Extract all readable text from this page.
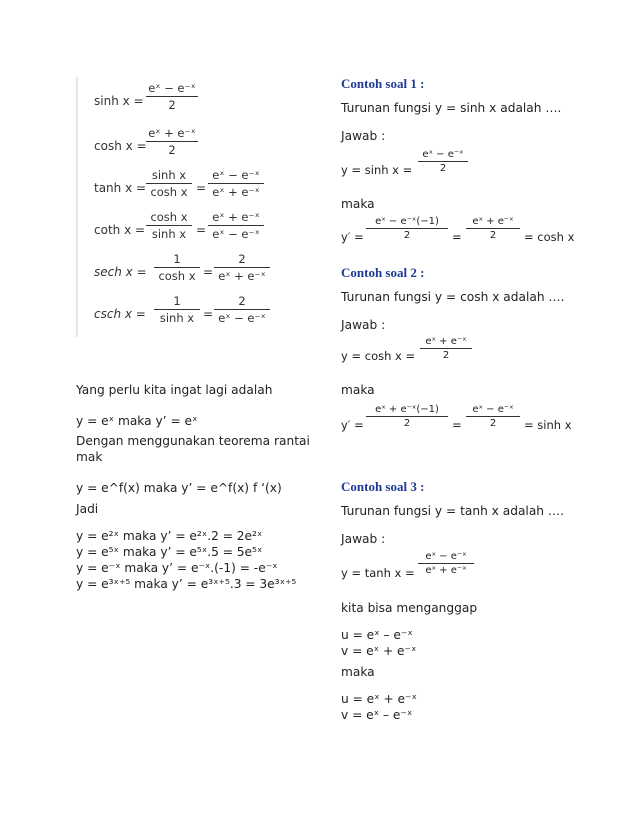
$\sinh x = \frac{\text{eˣ − e⁻ˣ}}{2}$
$\cosh x = \frac{\text{eˣ + e⁻ˣ}}{2}$
$\tanh x = \frac{\text{sinh x}}{\text{cosh x}} = \frac{\text{eˣ − e⁻ˣ}}{\text{eˣ + e⁻ˣ}}$
coth $x = \frac{\text{cosh x}}{\text{sinh x}} = \frac{\text{eˣ + e⁻ˣ}}{\text{eˣ − e⁻ˣ}}$
sech $x = \frac{1}{\text{cosh x}} = \frac{2}{\text{eˣ + e⁻ˣ}}$
csch $x = \frac{1}{\text{sinh x}} = \frac{2}{\text{eˣ − e⁻ˣ}}$
Yang perlu kita ingat lagi adalah
y = eˣ maka y’ = eˣ
Dengan menggunakan teorema rantai
mak
y = e^f(x) maka y’ = e^f(x) f ‘(x)
Jadi
y = e²ˣ maka y’ = e²ˣ.2 = 2e²ˣ
y = e⁵ˣ maka y’ = e⁵ˣ.5 = 5e⁵ˣ
y = e⁻ˣ maka y’ = e⁻ˣ.(-1) = -e⁻ˣ
y = e³ˣ⁺⁵ maka y’ = e³ˣ⁺⁵.3 = 3e³ˣ⁺⁵
Contoh soal 1 :
Turunan fungsi y = sinh x adalah ….
Jawab :
$y = \sinh x = \frac{\text{eˣ − e⁻ˣ}}{2}$
maka
$y' = \frac{\text{eˣ − e⁻ˣ(−1)}}{2} = \frac{\text{eˣ + e⁻ˣ}}{2} = \cosh x$
Contoh soal 2 :
Turunan fungsi y = cosh x adalah ….
Jawab :
$y = \cosh x = \frac{\text{eˣ + e⁻ˣ}}{2}$
maka
$y' = \frac{\text{eˣ + e⁻ˣ(−1)}}{2} = \frac{\text{eˣ − e⁻ˣ}}{2} = \sinh x$
Contoh soal 3 :
Turunan fungsi y = tanh x adalah ….
Jawab :
$y = \tanh x = \frac{\text{eˣ − e⁻ˣ}}{\text{eˣ + e⁻ˣ}}$
kita bisa menganggap
u = eˣ – e⁻ˣ
v = eˣ + e⁻ˣ
maka
u = eˣ + e⁻ˣ
v = eˣ – e⁻ˣ
